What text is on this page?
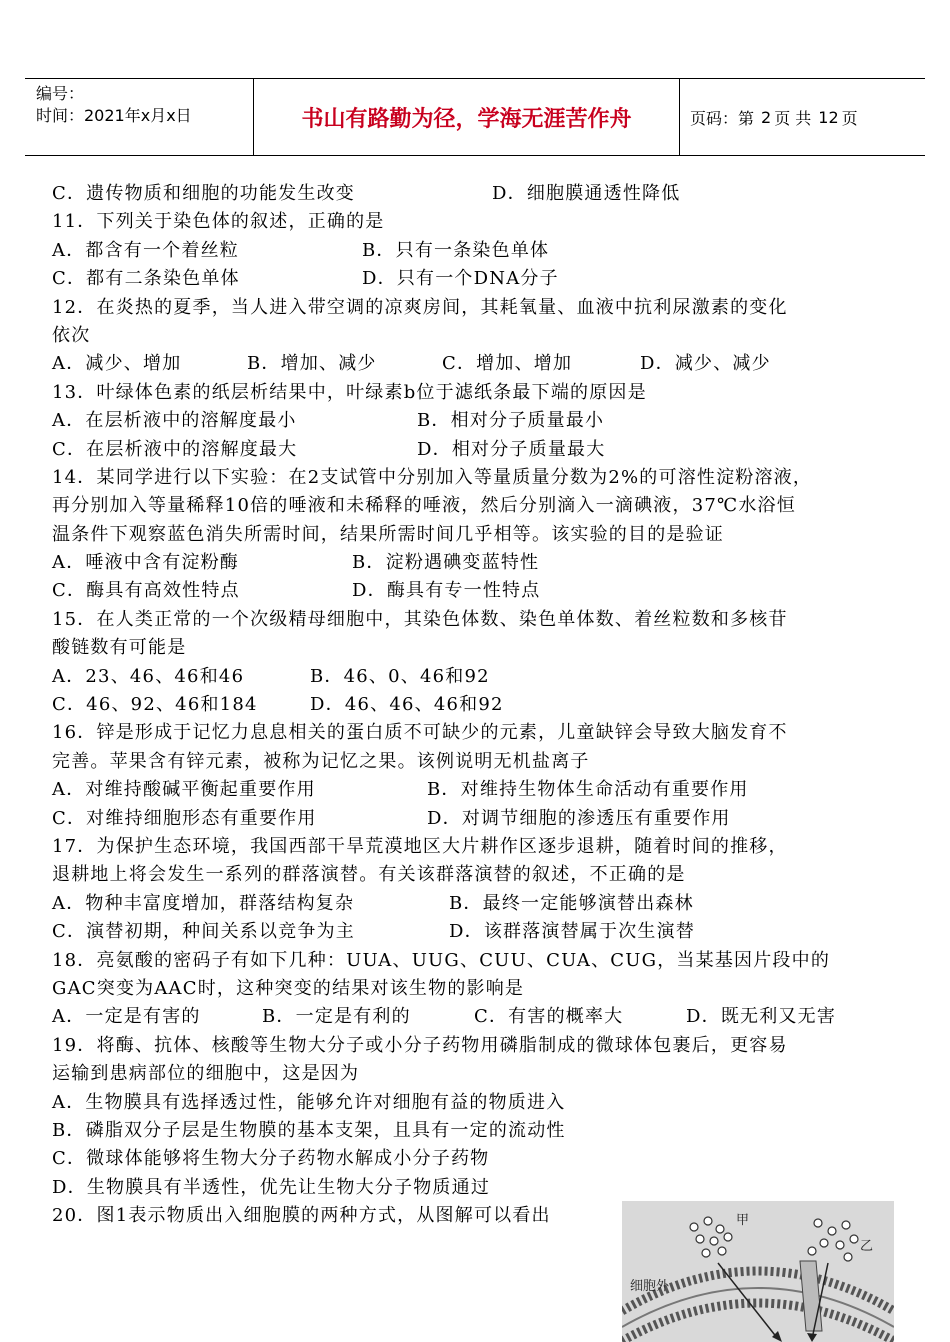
编号：
时间：2021年x月x日	书山有路勤为径，学海无涯苦作舟	页码：第 2 页 共 12 页
C．遗传物质和细胞的功能发生改变	D．细胞膜通透性降低
11．下列关于染色体的叙述，正确的是
A．都含有一个着丝粒	B．只有一条染色单体
C．都有二条染色单体	D．只有一个DNA分子
12．在炎热的夏季，当人进入带空调的凉爽房间，其耗氧量、血液中抗利尿激素的变化
依次
A．减少、增加	B．增加、减少	C．增加、增加	D．减少、减少
13．叶绿体色素的纸层析结果中，叶绿素b位于滤纸条最下端的原因是
A．在层析液中的溶解度最小	B．相对分子质量最小
C．在层析液中的溶解度最大	D．相对分子质量最大
14．某同学进行以下实验：在2支试管中分别加入等量质量分数为2%的可溶性淀粉溶液，
再分别加入等量稀释10倍的唾液和未稀释的唾液，然后分别滴入一滴碘液，37℃水浴恒
温条件下观察蓝色消失所需时间，结果所需时间几乎相等。该实验的目的是验证
A．唾液中含有淀粉酶	B．淀粉遇碘变蓝特性
C．酶具有高效性特点	D．酶具有专一性特点
15．在人类正常的一个次级精母细胞中，其染色体数、染色单体数、着丝粒数和多核苷
酸链数有可能是
A．23、46、46和46	B．46、0、46和92
C．46、92、46和184	D．46、46、46和92
16．锌是形成于记忆力息息相关的蛋白质不可缺少的元素，儿童缺锌会导致大脑发育不
完善。苹果含有锌元素，被称为记忆之果。该例说明无机盐离子
A．对维持酸碱平衡起重要作用	B．对维持生物体生命活动有重要作用
C．对维持细胞形态有重要作用	D．对调节细胞的渗透压有重要作用
17．为保护生态环境，我国西部干旱荒漠地区大片耕作区逐步退耕，随着时间的推移，
退耕地上将会发生一系列的群落演替。有关该群落演替的叙述，不正确的是
A．物种丰富度增加，群落结构复杂	B．最终一定能够演替出森林
C．演替初期，种间关系以竞争为主	D．该群落演替属于次生演替
18．亮氨酸的密码子有如下几种：UUA、UUG、CUU、CUA、CUG，当某基因片段中的
GAC突变为AAC时，这种突变的结果对该生物的影响是
A．一定是有害的	B．一定是有利的	C．有害的概率大	D．既无利又无害
19．将酶、抗体、核酸等生物大分子或小分子药物用磷脂制成的微球体包裹后，更容易
运输到患病部位的细胞中，这是因为
A．生物膜具有选择透过性，能够允许对细胞有益的物质进入
B．磷脂双分子层是生物膜的基本支架，且具有一定的流动性
C．微球体能够将生物大分子药物水解成小分子药物
D．生物膜具有半透性，优先让生物大分子物质通过
20．图1表示物质出入细胞膜的两种方式，从图解可以看出	甲
乙
细胞外
